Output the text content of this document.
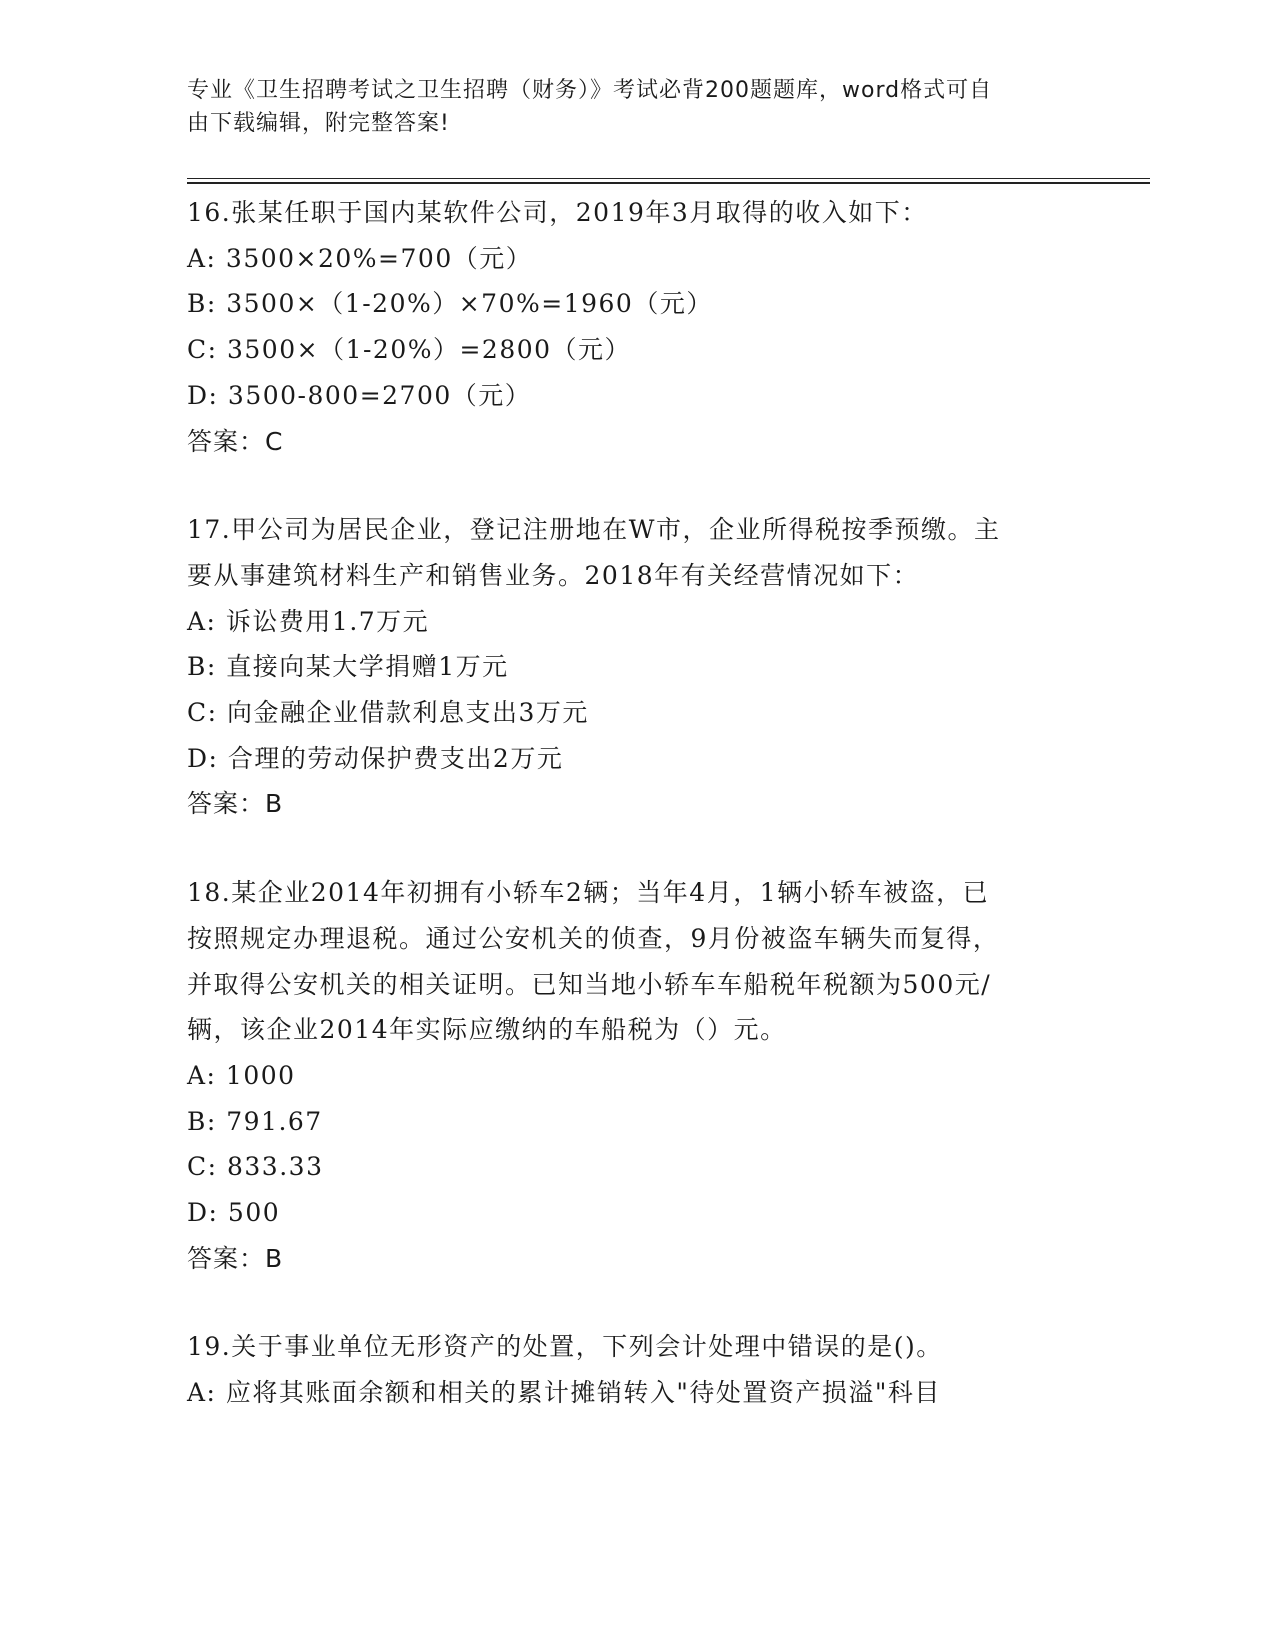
专业《卫生招聘考试之卫生招聘（财务）》考试必背200题题库，word格式可自
由下载编辑，附完整答案!
16.张某任职于国内某软件公司，2019年3月取得的收入如下：
A: 3500×20%=700（元）
B: 3500×（1-20%）×70%=1960（元）
C: 3500×（1-20%）=2800（元）
D: 3500-800=2700（元）
答案：C
17.甲公司为居民企业，登记注册地在W市，企业所得税按季预缴。主
要从事建筑材料生产和销售业务。2018年有关经营情况如下：
A: 诉讼费用1.7万元
B: 直接向某大学捐赠1万元
C: 向金融企业借款利息支出3万元
D: 合理的劳动保护费支出2万元
答案：B
18.某企业2014年初拥有小轿车2辆；当年4月，1辆小轿车被盗，已
按照规定办理退税。通过公安机关的侦查，9月份被盗车辆失而复得，
并取得公安机关的相关证明。已知当地小轿车车船税年税额为500元/
辆，该企业2014年实际应缴纳的车船税为（）元。
A: 1000
B: 791.67
C: 833.33
D: 500
答案：B
19.关于事业单位无形资产的处置，下列会计处理中错误的是()。
A: 应将其账面余额和相关的累计摊销转入"待处置资产损溢"科目
